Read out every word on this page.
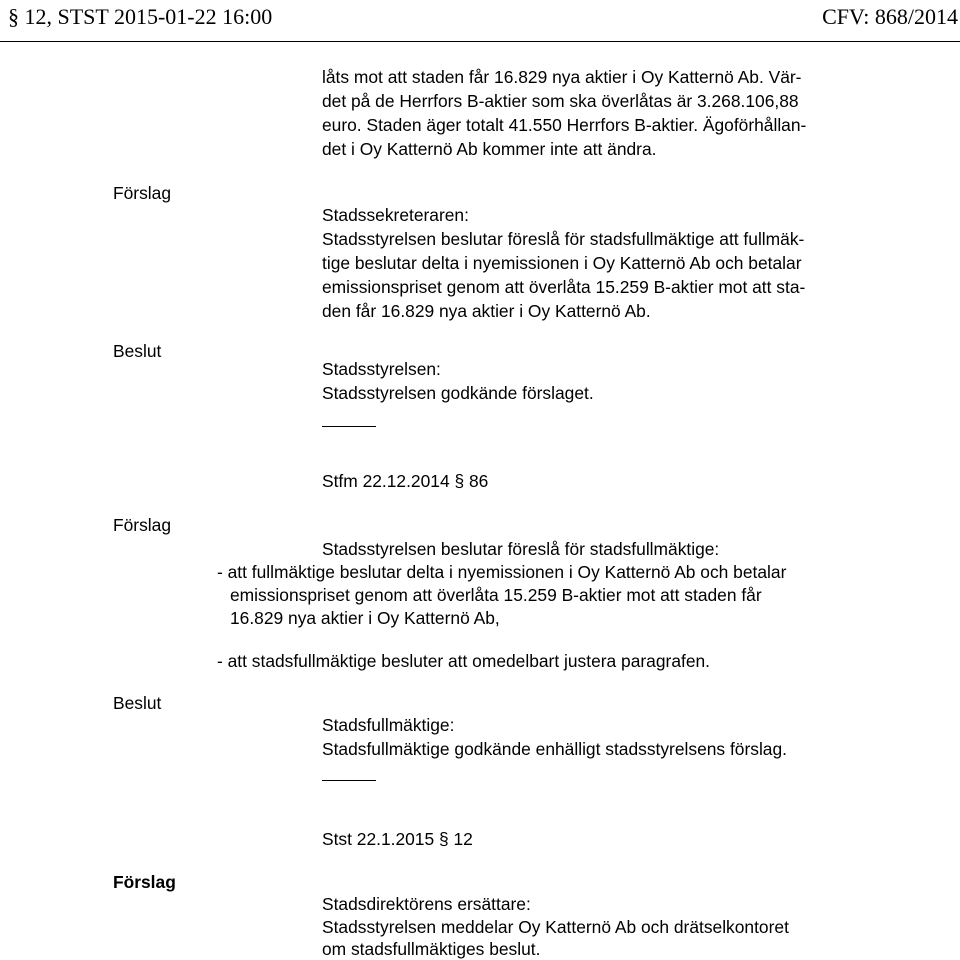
§ 12, STST 2015-01-22 16:00	CFV: 868/2014
låts mot att staden får 16.829 nya aktier i Oy Katternö Ab. Vär-
det på de Herrfors B-aktier som ska överlåtas är 3.268.106,88
euro. Staden äger totalt 41.550 Herrfors B-aktier. Ägoförhållan-
det i Oy Katternö Ab kommer inte att ändra.
Förslag
Stadssekreteraren:
Stadsstyrelsen beslutar föreslå för stadsfullmäktige att fullmäk-
tige beslutar delta i nyemissionen i Oy Katternö Ab och betalar
emissionspriset genom att överlåta 15.259 B-aktier mot att sta-
den får 16.829 nya aktier i Oy Katternö Ab.
Beslut
Stadsstyrelsen:
Stadsstyrelsen godkände förslaget.
Stfm 22.12.2014 § 86
Förslag
Stadsstyrelsen beslutar föreslå för stadsfullmäktige:
- att fullmäktige beslutar delta i nyemissionen i Oy Katternö Ab och betalar
emissionspriset genom att överlåta 15.259 B-aktier mot att staden får
16.829 nya aktier i Oy Katternö Ab,
- att stadsfullmäktige besluter att omedelbart justera paragrafen.
Beslut
Stadsfullmäktige:
Stadsfullmäktige godkände enhälligt stadsstyrelsens förslag.
Stst 22.1.2015 § 12
Förslag
Stadsdirektörens ersättare:
Stadsstyrelsen meddelar Oy Katternö Ab och drätselkontoret
om stadsfullmäktiges beslut.
